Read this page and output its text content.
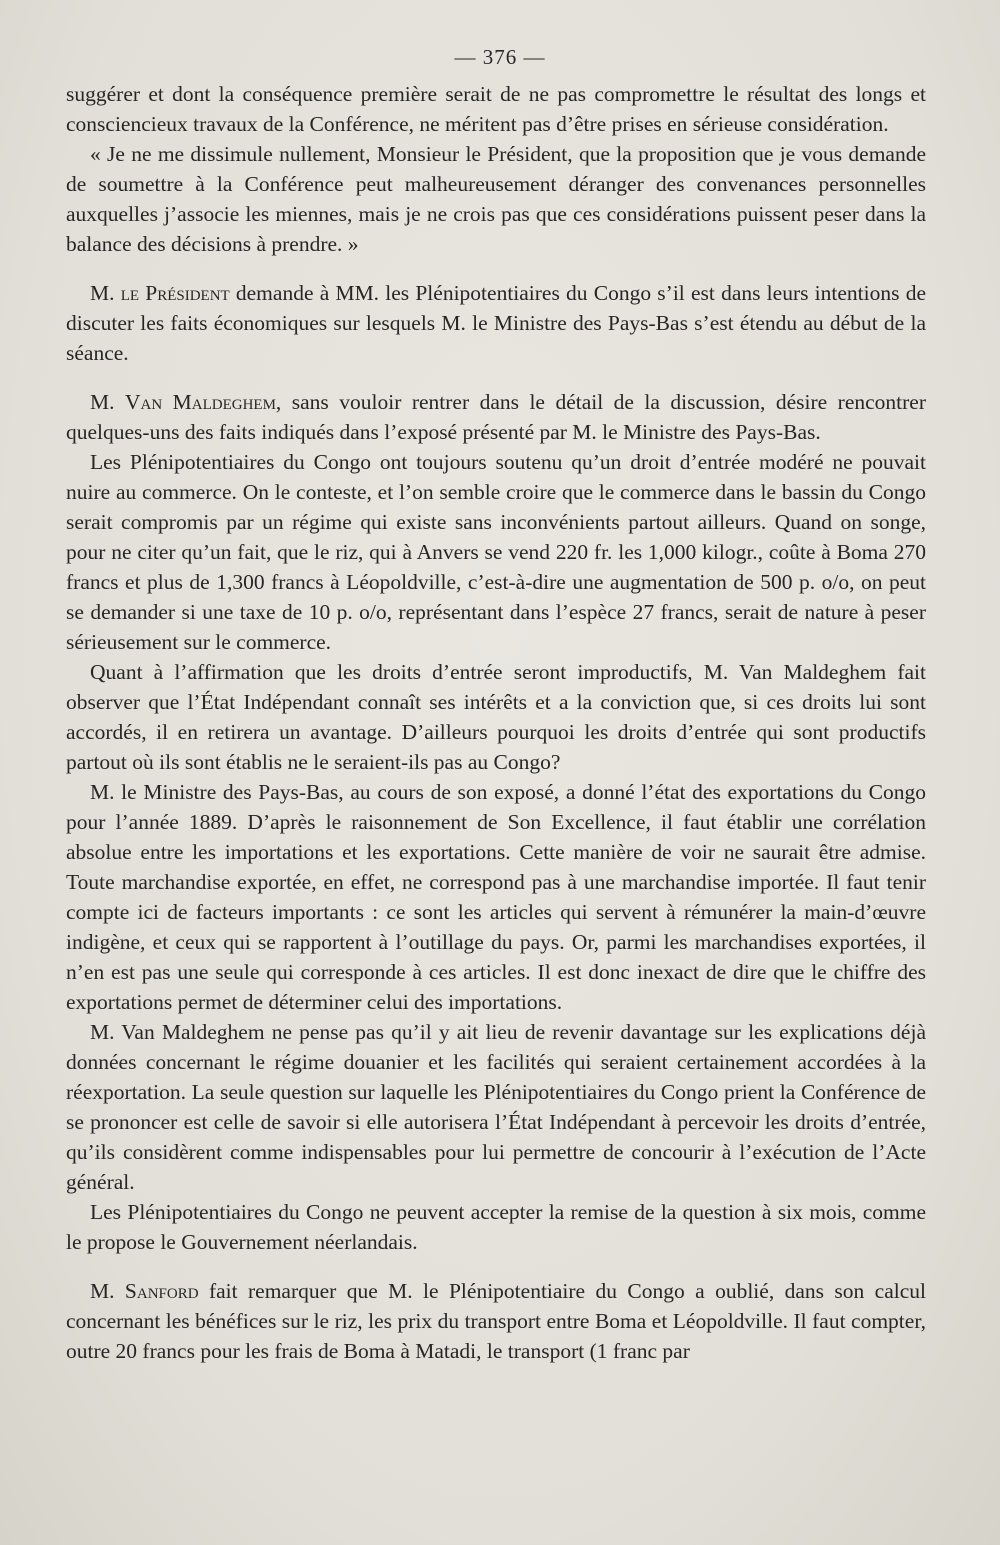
— 376 —

suggérer et dont la conséquence première serait de ne pas compromettre le résultat des longs et consciencieux travaux de la Conférence, ne méritent pas d’être prises en sérieuse considération.

« Je ne me dissimule nullement, Monsieur le Président, que la proposition que je vous demande de soumettre à la Conférence peut malheureusement déranger des convenances personnelles auxquelles j’associe les miennes, mais je ne crois pas que ces considérations puissent peser dans la balance des décisions à prendre. »

M. le Président demande à MM. les Plénipotentiaires du Congo s’il est dans leurs intentions de discuter les faits économiques sur lesquels M. le Ministre des Pays-Bas s’est étendu au début de la séance.

M. Van Maldeghem, sans vouloir rentrer dans le détail de la discussion, désire rencontrer quelques-uns des faits indiqués dans l’exposé présenté par M. le Ministre des Pays-Bas.

Les Plénipotentiaires du Congo ont toujours soutenu qu’un droit d’entrée modéré ne pouvait nuire au commerce. On le conteste, et l’on semble croire que le commerce dans le bassin du Congo serait compromis par un régime qui existe sans inconvénients partout ailleurs. Quand on songe, pour ne citer qu’un fait, que le riz, qui à Anvers se vend 220 fr. les 1,000 kilogr., coûte à Boma 270 francs et plus de 1,300 francs à Léopoldville, c’est-à-dire une augmentation de 500 p. o/o, on peut se demander si une taxe de 10 p. o/o, représentant dans l’espèce 27 francs, serait de nature à peser sérieusement sur le commerce.

Quant à l’affirmation que les droits d’entrée seront improductifs, M. Van Maldeghem fait observer que l’État Indépendant connaît ses intérêts et a la conviction que, si ces droits lui sont accordés, il en retirera un avantage. D’ailleurs pourquoi les droits d’entrée qui sont productifs partout où ils sont établis ne le seraient-ils pas au Congo?

M. le Ministre des Pays-Bas, au cours de son exposé, a donné l’état des exportations du Congo pour l’année 1889. D’après le raisonnement de Son Excellence, il faut établir une corrélation absolue entre les importations et les exportations. Cette manière de voir ne saurait être admise. Toute marchandise exportée, en effet, ne correspond pas à une marchandise importée. Il faut tenir compte ici de facteurs importants : ce sont les articles qui servent à rémunérer la main-d’œuvre indigène, et ceux qui se rapportent à l’outillage du pays. Or, parmi les marchandises exportées, il n’en est pas une seule qui corresponde à ces articles. Il est donc inexact de dire que le chiffre des exportations permet de déterminer celui des importations.

M. Van Maldeghem ne pense pas qu’il y ait lieu de revenir davantage sur les explications déjà données concernant le régime douanier et les facilités qui seraient certainement accordées à la réexportation. La seule question sur laquelle les Plénipotentiaires du Congo prient la Conférence de se prononcer est celle de savoir si elle autorisera l’État Indépendant à percevoir les droits d’entrée, qu’ils considèrent comme indispensables pour lui permettre de concourir à l’exécution de l’Acte général.

Les Plénipotentiaires du Congo ne peuvent accepter la remise de la question à six mois, comme le propose le Gouvernement néerlandais.

M. Sanford fait remarquer que M. le Plénipotentiaire du Congo a oublié, dans son calcul concernant les bénéfices sur le riz, les prix du transport entre Boma et Léopoldville. Il faut compter, outre 20 francs pour les frais de Boma à Matadi, le transport (1 franc par
